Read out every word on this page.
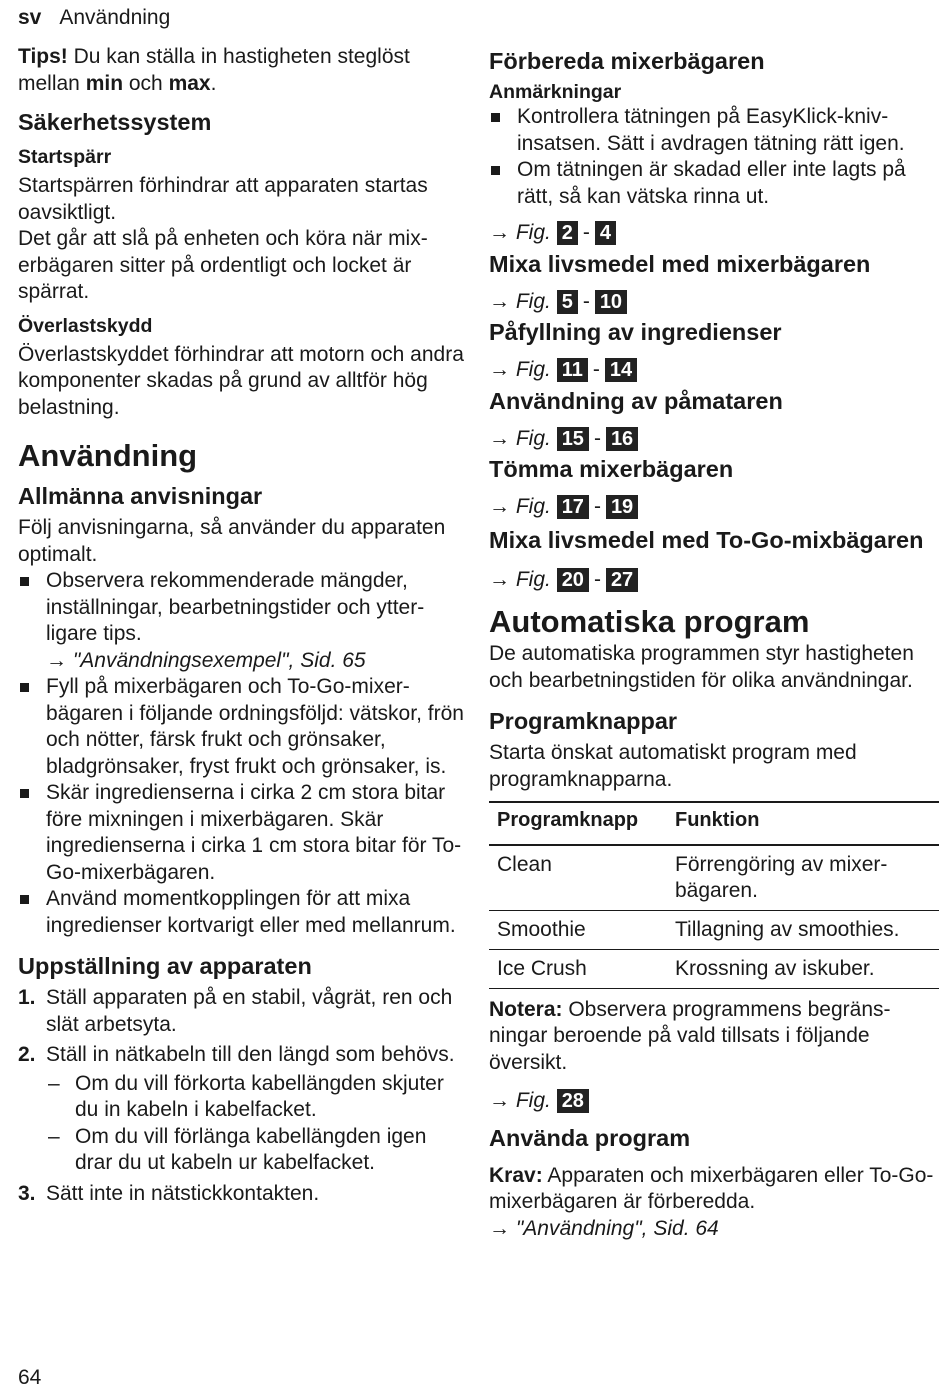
sv Användning

Tips! Du kan ställa in hastigheten steglöst mellan min och max.

Säkerhetssystem
Startspärr

Startspärren förhindrar att apparaten startas oavsiktligt.

Det går att slå på enheten och köra när mixerbägaren sitter på ordentligt och locket är spärrat.

Överlastskydd

Överlastskyddet förhindrar att motorn och andra komponenter skadas på grund av alltför hög belastning.

Användning
Allmänna anvisningar

Följ anvisningarna, så använder du apparaten optimalt.

Observera rekommenderade mängder, inställningar, bearbetningstider och ytterligare tips.
→ "Användningsexempel", Sid. 65
Fyll på mixerbägaren och To-Go-mixerbägaren i följande ordningsföljd: vätskor, frön och nötter, färsk frukt och grönsaker, bladgrönsaker, fryst frukt och grönsaker, is.
Skär ingredienserna i cirka 2 cm stora bitar före mixningen i mixerbägaren. Skär ingredienserna i cirka 1 cm stora bitar för To-Go-mixerbägaren.
Använd momentkopplingen för att mixa ingredienser kortvarigt eller med mellanrum.
Uppställning av apparaten
1. Ställ apparaten på en stabil, vågrät, ren och slät arbetsyta.
2. Ställ in nätkabeln till den längd som behövs.
– Om du vill förkorta kabellängden skjuter du in kabeln i kabelfacket.
– Om du vill förlänga kabellängden igen drar du ut kabeln ur kabelfacket.
3. Sätt inte in nätstickkontakten.
Förbereda mixerbägaren
Anmärkningar
Kontrollera tätningen på EasyKlick-knivinsatsen. Sätt i avdragen tätning rätt igen.
Om tätningen är skadad eller inte lagts på rätt, så kan vätska rinna ut.
→ Fig. 2 - 4
Mixa livsmedel med mixerbägaren
→ Fig. 5 - 10
Påfyllning av ingredienser
→ Fig. 11 - 14
Användning av påmataren
→ Fig. 15 - 16
Tömma mixerbägaren
→ Fig. 17 - 19
Mixa livsmedel med To-Go-mixbägaren
→ Fig. 20 - 27
Automatiska program

De automatiska programmen styr hastigheten och bearbetningstiden för olika användningar.

Programknappar

Starta önskat automatiskt program med programknapparna.

Programknapp	Funktion
Clean	Förrengöring av mixerbägaren.
Smoothie	Tillagning av smoothies.
Ice Crush	Krossning av iskuber.

Notera: Observera programmens begränsningar beroende på vald tillsats i följande översikt.

→ Fig. 28
Använda program

Krav: Apparaten och mixerbägaren eller To-Go-mixerbägaren är förberedda.

→ "Användning", Sid. 64

64
